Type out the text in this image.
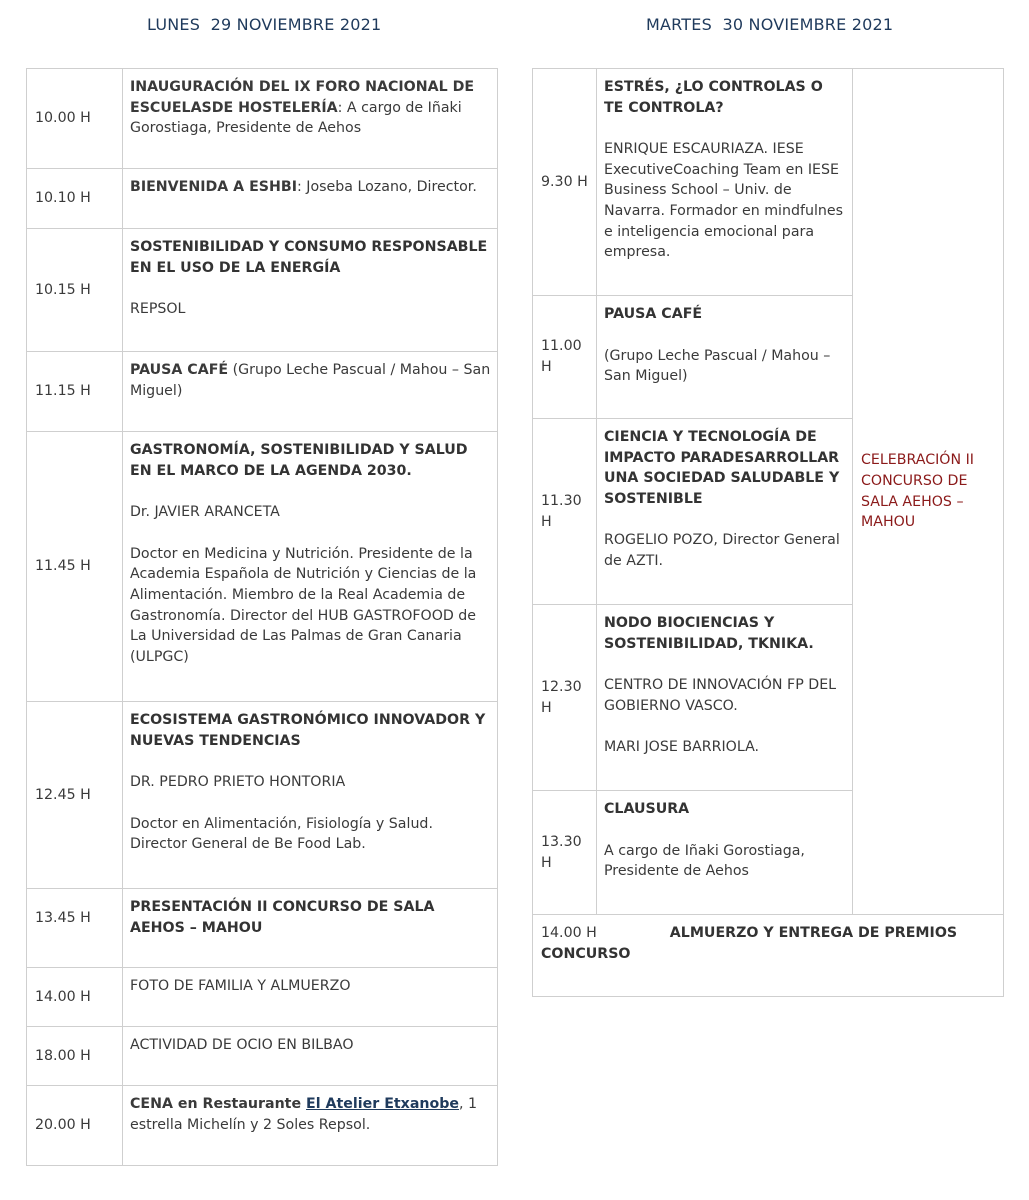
LUNES  29 NOVIEMBRE 2021	MARTES  30 NOVIEMBRE 2021
10.00 H	INAUGURACIÓN DEL IX FORO NACIONAL DE ESCUELASDE HOSTELERÍA: A cargo de Iñaki Gorostiaga, Presidente de Aehos
10.10 H	BIENVENIDA A ESHBI: Joseba Lozano, Director.
10.15 H	SOSTENIBILIDAD Y CONSUMO RESPONSABLE EN EL USO DE LA ENERGÍA
REPSOL

11.15 H	PAUSA CAFÉ (Grupo Leche Pascual / Mahou – San Miguel)
11.45 H	GASTRONOMÍA, SOSTENIBILIDAD Y SALUD EN EL MARCO DE LA AGENDA 2030.
Dr. JAVIER ARANCETA
Doctor en Medicina y Nutrición. Presidente de la Academia Española de Nutrición y Ciencias de la Alimentación. Miembro de la Real Academia de Gastronomía. Director del HUB GASTROFOOD de La Universidad de Las Palmas de Gran Canaria (ULPGC)

12.45 H	ECOSISTEMA GASTRONÓMICO INNOVADOR Y NUEVAS TENDENCIAS
DR. PEDRO PRIETO HONTORIA
Doctor en Alimentación, Fisiología y Salud. Director General de Be Food Lab.

13.45 H	PRESENTACIÓN II CONCURSO DE SALA AEHOS – MAHOU

14.00 H	FOTO DE FAMILIA Y ALMUERZO
18.00 H	ACTIVIDAD DE OCIO EN BILBAO
20.00 H	CENA en Restaurante El Atelier Etxanobe, 1 estrella Michelín y 2 Soles Repsol.
9.30 H	ESTRÉS, ¿LO CONTROLAS O TE CONTROLA?
ENRIQUE ESCAURIAZA. IESE ExecutiveCoaching Team en IESE Business School – Univ. de Navarra. Formador en mindfulnes e inteligencia emocional para empresa.	CELEBRACIÓN II CONCURSO DE SALA AEHOS – MAHOU
11.00 H	PAUSA CAFÉ
(Grupo Leche Pascual / Mahou – San Miguel)	

11.30 H	CIENCIA Y TECNOLOGÍA DE IMPACTO PARADESARROLLAR UNA SOCIEDAD SALUDABLE Y SOSTENIBLE
ROGELIO POZO, Director General de AZTI.	

12.30 H	NODO BIOCIENCIAS Y SOSTENIBILIDAD, TKNIKA.
CENTRO DE INNOVACIÓN FP DEL GOBIERNO VASCO.
MARI JOSE BARRIOLA.	

13.30 H	CLAUSURA
A cargo de Iñaki Gorostiaga, Presidente de Aehos	

14.00 H ALMUERZO Y ENTREGA DE PREMIOS
CONCURSO		
